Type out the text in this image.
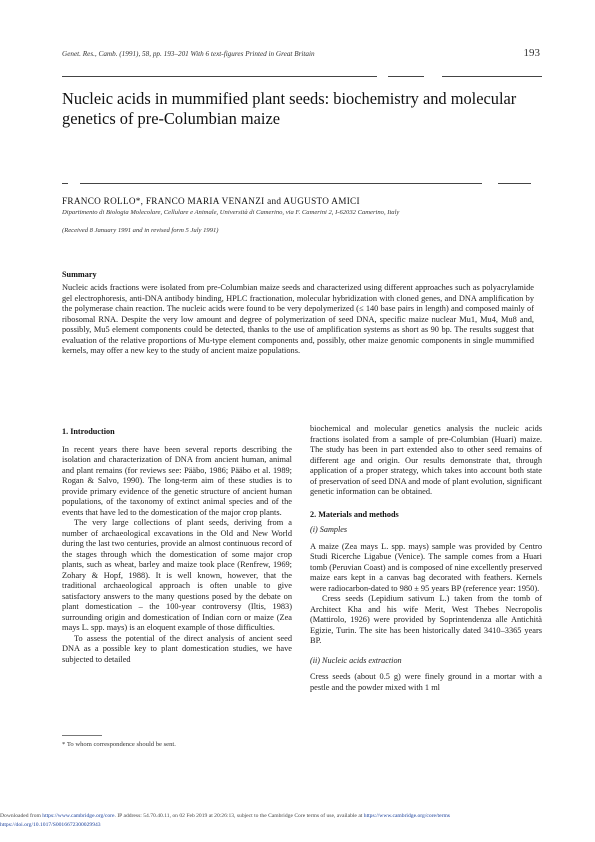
Genet. Res., Camb. (1991), 58, pp. 193–201 With 6 text-figures Printed in Great Britain	193
Nucleic acids in mummified plant seeds: biochemistry and molecular genetics of pre-Columbian maize
FRANCO ROLLO*, FRANCO MARIA VENANZI and AUGUSTO AMICI
Dipartimento di Biologia Molecolare, Cellulare e Animale, Università di Camerino, via F. Camerini 2, I-62032 Camerino, Italy
(Received 8 January 1991 and in revised form 5 July 1991)
Summary
Nucleic acids fractions were isolated from pre-Columbian maize seeds and characterized using different approaches such as polyacrylamide gel electrophoresis, anti-DNA antibody binding, HPLC fractionation, molecular hybridization with cloned genes, and DNA amplification by the polymerase chain reaction. The nucleic acids were found to be very depolymerized (≤ 140 base pairs in length) and composed mainly of ribosomal RNA. Despite the very low amount and degree of polymerization of seed DNA, specific maize nuclear Mu1, Mu4, Mu8 and, possibly, Mu5 element components could be detected, thanks to the use of amplification systems as short as 90 bp. The results suggest that evaluation of the relative proportions of Mu-type element components and, possibly, other maize genomic components in single mummified kernels, may offer a new key to the study of ancient maize populations.
1. Introduction

In recent years there have been several reports describing the isolation and characterization of DNA from ancient human, animal and plant remains (for reviews see: Pääbo, 1986; Pääbo et al. 1989; Rogan & Salvo, 1990). The long-term aim of these studies is to provide primary evidence of the genetic structure of ancient human populations, of the taxonomy of extinct animal species and of the events that have led to the domestication of the major crop plants.

The very large collections of plant seeds, deriving from a number of archaeological excavations in the Old and New World during the last two centuries, provide an almost continuous record of the stages through which the domestication of some major crop plants, such as wheat, barley and maize took place (Renfrew, 1969; Zohary & Hopf, 1988). It is well known, however, that the traditional archaeological approach is often unable to give satisfactory answers to the many questions posed by the debate on plant domestication – the 100-year controversy (Iltis, 1983) surrounding origin and domestication of Indian corn or maize (Zea mays L. spp. mays) is an eloquent example of those difficulties.

To assess the potential of the direct analysis of ancient seed DNA as a possible key to plant domestication studies, we have subjected to detailed

* To whom correspondence should be sent.

biochemical and molecular genetics analysis the nucleic acids fractions isolated from a sample of pre-Columbian (Huari) maize. The study has been in part extended also to other seed remains of different age and origin. Our results demonstrate that, through application of a proper strategy, which takes into account both state of preservation of seed DNA and mode of plant evolution, significant genetic information can be obtained.

2. Materials and methods
(i) Samples

A maize (Zea mays L. spp. mays) sample was provided by Centro Studi Ricerche Ligabue (Venice). The sample comes from a Huari tomb (Peruvian Coast) and is composed of nine excellently preserved maize ears kept in a canvas bag decorated with feathers. Kernels were radiocarbon-dated to 980 ± 95 years BP (reference year: 1950).

Cress seeds (Lepidium sativum L.) taken from the tomb of Architect Kha and his wife Merit, West Thebes Necropolis (Mattirolo, 1926) were provided by Soprintendenza alle Antichità Egizie, Turin. The site has been historically dated 3410–3365 years BP.

(ii) Nucleic acids extraction

Cress seeds (about 0.5 g) were finely ground in a mortar with a pestle and the powder mixed with 1 ml

Downloaded from https://www.cambridge.org/core. IP address: 54.70.40.11, on 02 Feb 2019 at 20:26:13, subject to the Cambridge Core terms of use, available at https://www.cambridge.org/core/terms
https://doi.org/10.1017/S0016672300029943
